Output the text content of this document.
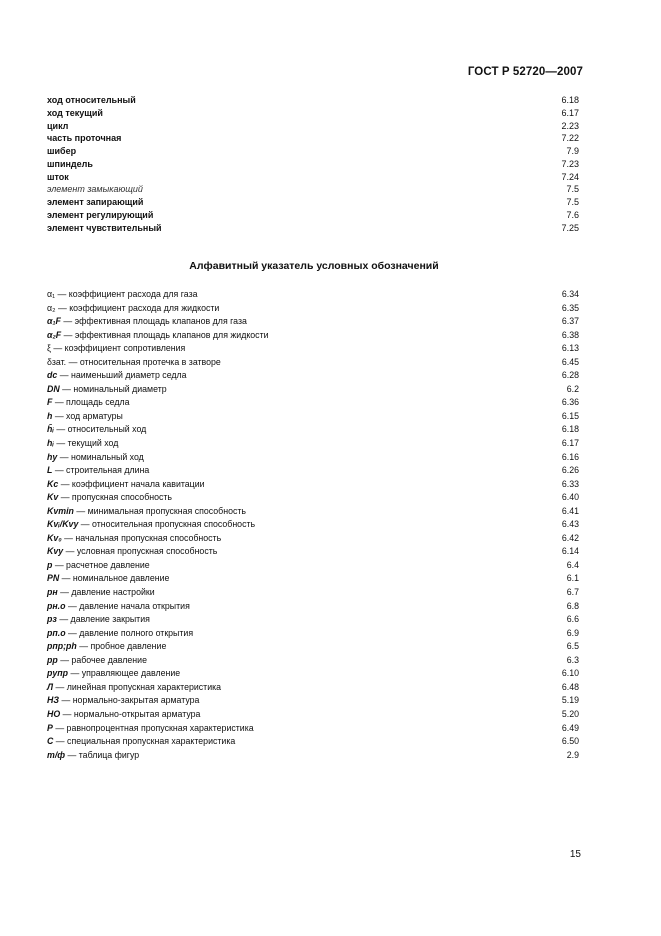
ГОСТ Р 52720—2007
ход относительный	6.18
ход текущий	6.17
цикл	2.23
часть проточная	7.22
шибер	7.9
шпиндель	7.23
шток	7.24
элемент замыкающий	7.5
элемент запирающий	7.5
элемент регулирующий	7.6
элемент чувствительный	7.25
Алфавитный указатель условных обозначений
α₁ — коэффициент расхода для газа	6.34
α₂ — коэффициент расхода для жидкости	6.35
α₁F — эффективная площадь клапанов для газа	6.37
α₂F — эффективная площадь клапанов для жидкости	6.38
ξ — коэффициент сопротивления	6.13
δзат. — относительная протечка в затворе	6.45
dс — наименьший диаметр седла	6.28
DN — номинальный диаметр	6.2
F — площадь седла	6.36
h — ход арматуры	6.15
h̄ᵢ — относительный ход	6.18
hᵢ — текущий ход	6.17
hу — номинальный ход	6.16
L — строительная длина	6.26
Kс — коэффициент начала кавитации	6.33
Kv — пропускная способность	6.40
Kvmin — минимальная пропускная способность	6.41
Kvᵢ/Kvу — относительная пропускная способность	6.43
Kv₀ — начальная пропускная способность	6.42
Kvу — условная пропускная способность	6.14
p — расчетное давление	6.4
PN — номинальное давление	6.1
pн — давление настройки	6.7
pн.о — давление начала открытия	6.8
pз — давление закрытия	6.6
pп.о — давление полного открытия	6.9
pпр;ph — пробное давление	6.5
pр — рабочее давление	6.3
pупр — управляющее давление	6.10
Л — линейная пропускная характеристика	6.48
НЗ — нормально-закрытая арматура	5.19
НО — нормально-открытая арматура	5.20
Р — равнопроцентная пропускная характеристика	6.49
С — специальная пропускная характеристика	6.50
т/ф — таблица фигур	2.9
15
